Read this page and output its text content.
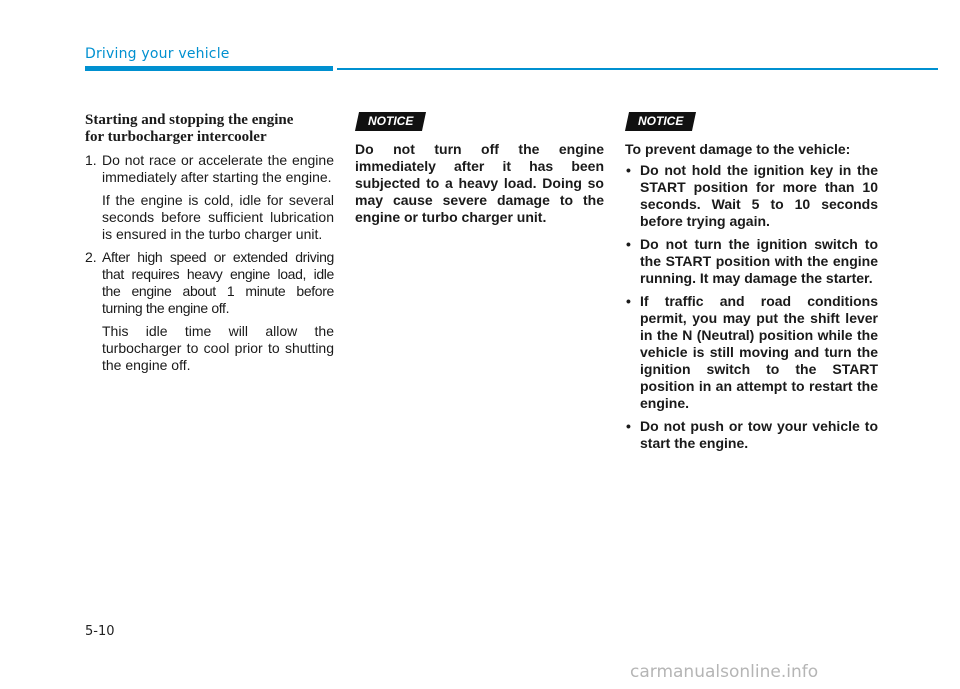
Driving your vehicle
Starting and stopping the engine
for turbocharger intercooler
1. Do not race or accelerate the engine immediately after starting the engine.

If the engine is cold, idle for several seconds before sufficient lubrication is ensured in the turbo charger unit.

2. After high speed or extended driving that requires heavy engine load, idle the engine about 1 minute before turning the engine off.

This idle time will allow the turbocharger to cool prior to shutting the engine off.

NOTICE

Do not turn off the engine immediately after it has been subjected to a heavy load. Doing so may cause severe damage to the engine or turbo charger unit.

NOTICE

To prevent damage to the vehicle:

• Do not hold the ignition key in the START position for more than 10 seconds. Wait 5 to 10 seconds before trying again.
• Do not turn the ignition switch to the START position with the engine running. It may damage the starter.
• If traffic and road conditions permit, you may put the shift lever in the N (Neutral) position while the vehicle is still moving and turn the ignition switch to the START position in an attempt to restart the engine.
• Do not push or tow your vehicle to start the engine.
5-10
carmanualsonline.info
